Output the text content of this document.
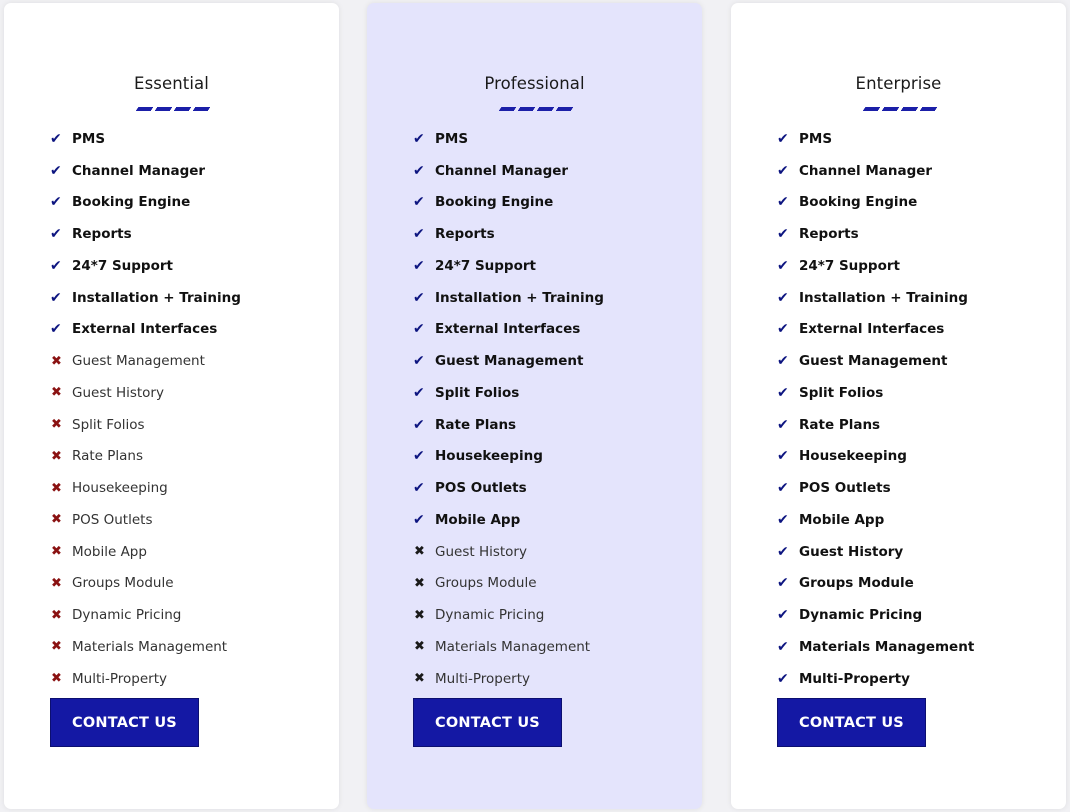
Essential
✔ PMS
✔ Channel Manager
✔ Booking Engine
✔ Reports
✔ 24*7 Support
✔ Installation + Training
✔ External Interfaces
✖ Guest Management
✖ Guest History
✖ Split Folios
✖ Rate Plans
✖ Housekeeping
✖ POS Outlets
✖ Mobile App
✖ Groups Module
✖ Dynamic Pricing
✖ Materials Management
✖ Multi-Property
CONTACT US
Professional
✔ PMS
✔ Channel Manager
✔ Booking Engine
✔ Reports
✔ 24*7 Support
✔ Installation + Training
✔ External Interfaces
✔ Guest Management
✔ Split Folios
✔ Rate Plans
✔ Housekeeping
✔ POS Outlets
✔ Mobile App
✖ Guest History
✖ Groups Module
✖ Dynamic Pricing
✖ Materials Management
✖ Multi-Property
CONTACT US
Enterprise
✔ PMS
✔ Channel Manager
✔ Booking Engine
✔ Reports
✔ 24*7 Support
✔ Installation + Training
✔ External Interfaces
✔ Guest Management
✔ Split Folios
✔ Rate Plans
✔ Housekeeping
✔ POS Outlets
✔ Mobile App
✔ Guest History
✔ Groups Module
✔ Dynamic Pricing
✔ Materials Management
✔ Multi-Property
CONTACT US
